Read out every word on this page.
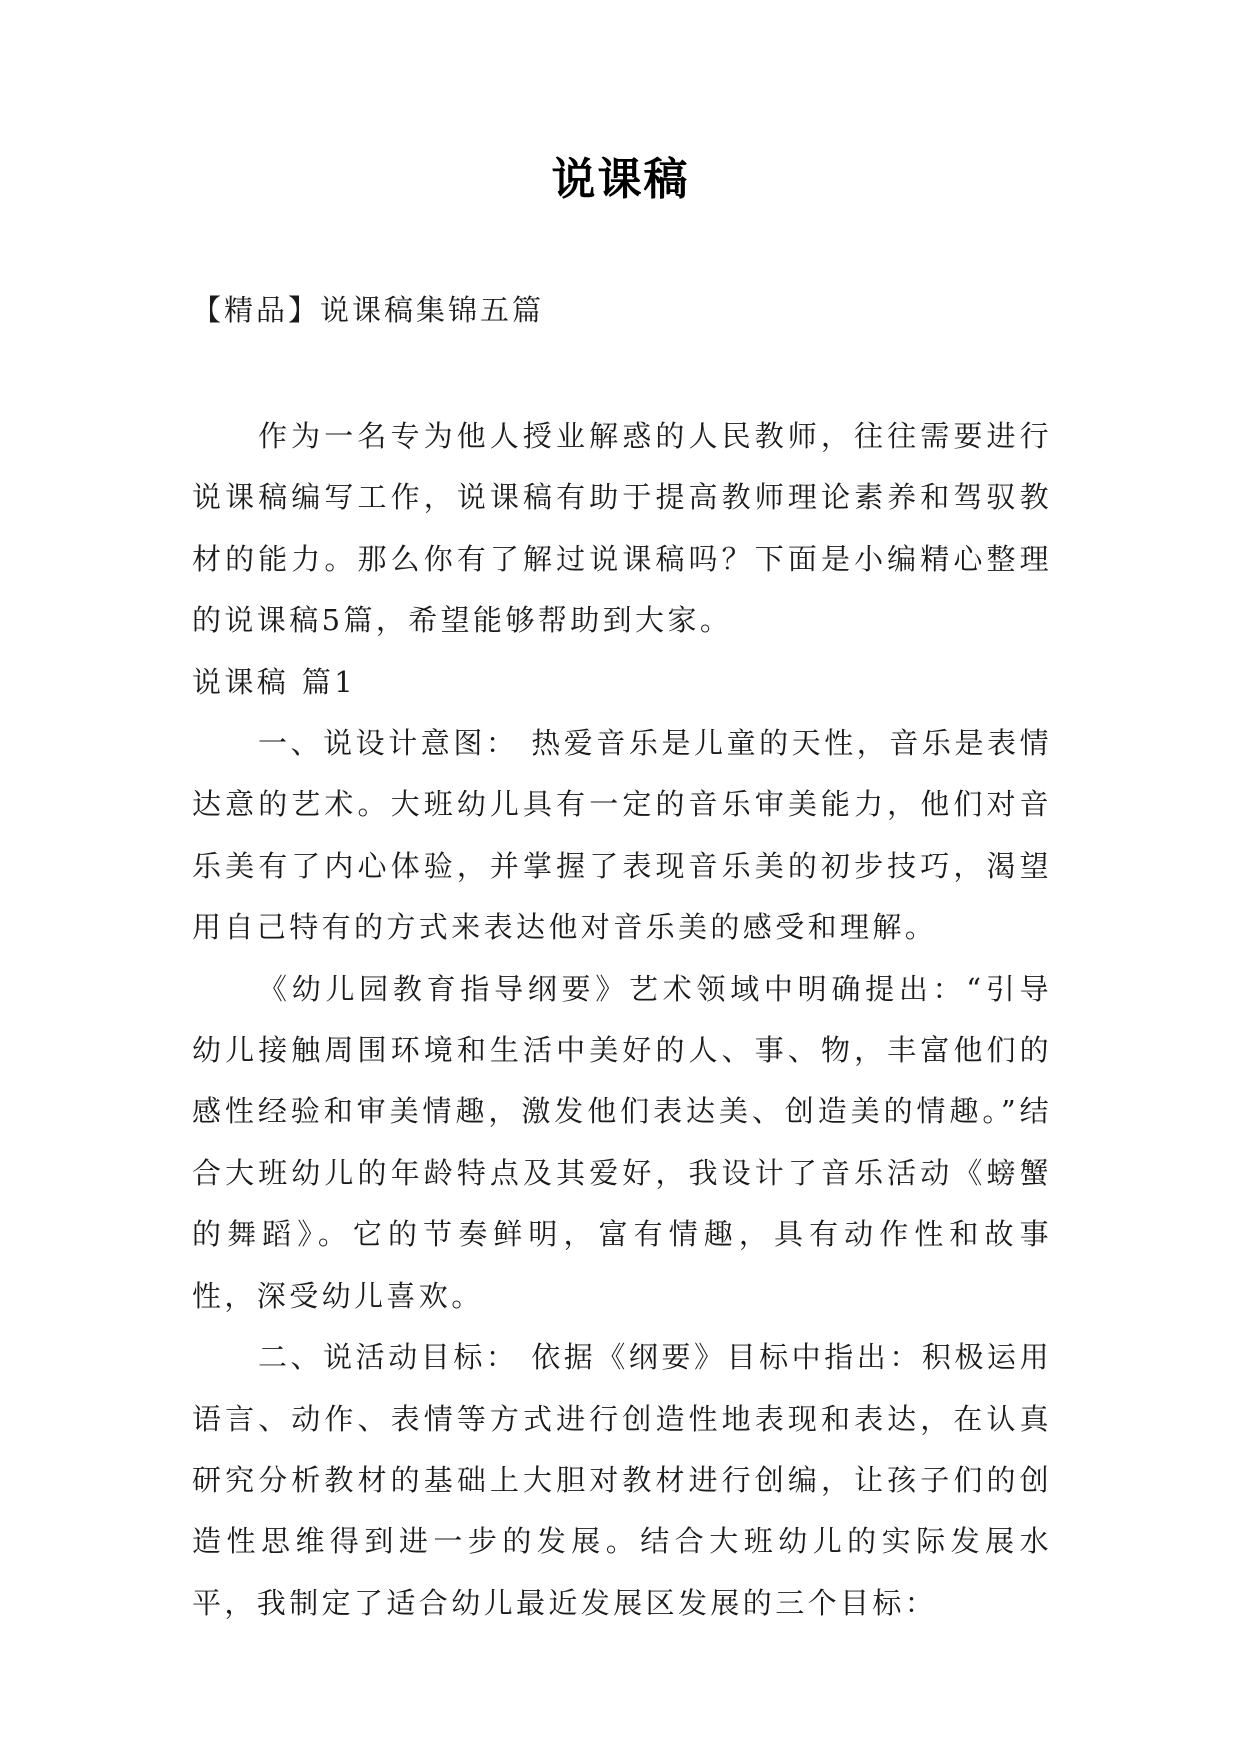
说课稿
【精品】说课稿集锦五篇

作为一名专为他人授业解惑的人民教师，往往需要进行说课稿编写工作，说课稿有助于提高教师理论素养和驾驭教材的能力。那么你有了解过说课稿吗？下面是小编精心整理的说课稿5篇，希望能够帮助到大家。

说课稿 篇1

一、说设计意图： 热爱音乐是儿童的天性，音乐是表情达意的艺术。大班幼儿具有一定的音乐审美能力，他们对音乐美有了内心体验，并掌握了表现音乐美的初步技巧，渴望用自己特有的方式来表达他对音乐美的感受和理解。

《幼儿园教育指导纲要》艺术领域中明确提出：“引导幼儿接触周围环境和生活中美好的人、事、物，丰富他们的感性经验和审美情趣，激发他们表达美、创造美的情趣。”结合大班幼儿的年龄特点及其爱好，我设计了音乐活动《螃蟹的舞蹈》。它的节奏鲜明，富有情趣，具有动作性和故事性，深受幼儿喜欢。

二、说活动目标： 依据《纲要》目标中指出：积极运用语言、动作、表情等方式进行创造性地表现和表达，在认真研究分析教材的基础上大胆对教材进行创编，让孩子们的创造性思维得到进一步的发展。结合大班幼儿的实际发展水平，我制定了适合幼儿最近发展区发展的三个目标：
